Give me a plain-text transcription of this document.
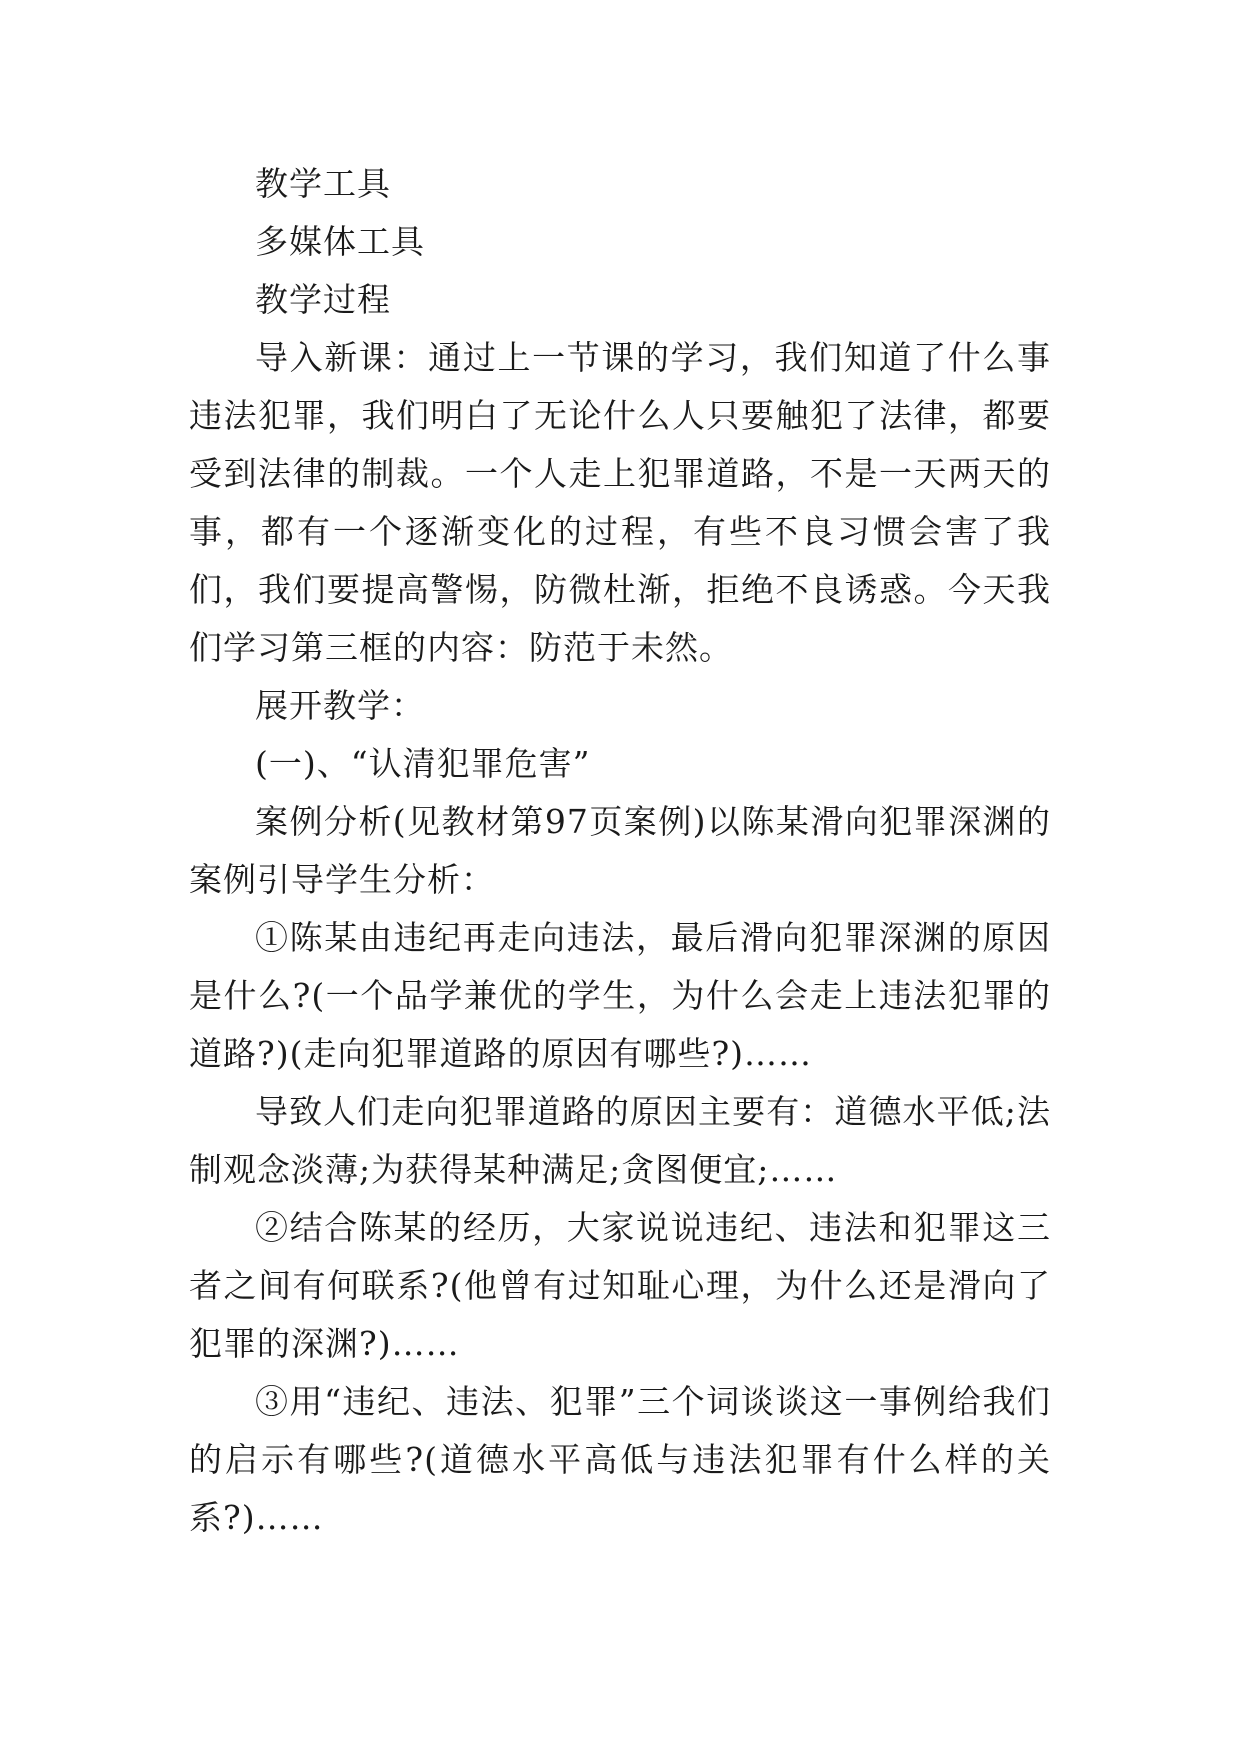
教学工具

多媒体工具

教学过程

导入新课：通过上一节课的学习，我们知道了什么事违法犯罪，我们明白了无论什么人只要触犯了法律，都要受到法律的制裁。一个人走上犯罪道路，不是一天两天的事，都有一个逐渐变化的过程，有些不良习惯会害了我们，我们要提高警惕，防微杜渐，拒绝不良诱惑。今天我们学习第三框的内容：防范于未然。

展开教学：

(一)、“认清犯罪危害”

案例分析(见教材第97页案例)以陈某滑向犯罪深渊的案例引导学生分析：

①陈某由违纪再走向违法，最后滑向犯罪深渊的原因是什么?(一个品学兼优的学生，为什么会走上违法犯罪的道路?)(走向犯罪道路的原因有哪些?)……

导致人们走向犯罪道路的原因主要有：道德水平低;法制观念淡薄;为获得某种满足;贪图便宜;……

②结合陈某的经历，大家说说违纪、违法和犯罪这三者之间有何联系?(他曾有过知耻心理，为什么还是滑向了犯罪的深渊?)……

③用“违纪、违法、犯罪”三个词谈谈这一事例给我们的启示有哪些?(道德水平高低与违法犯罪有什么样的关系?)……
